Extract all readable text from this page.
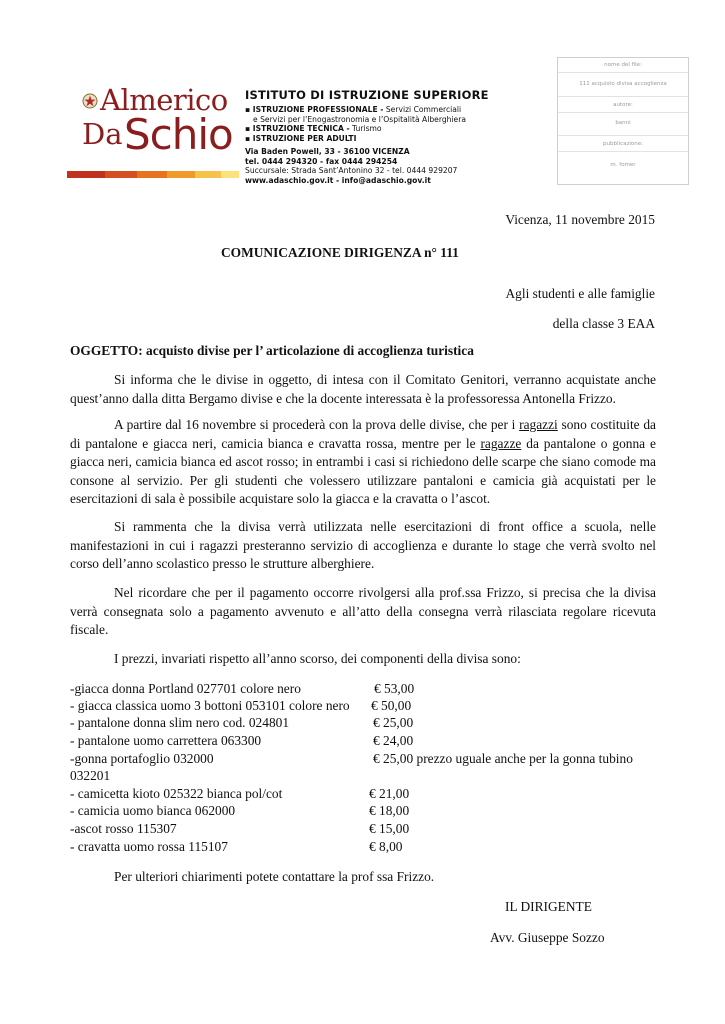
Almerico
Da Schio
ISTITUTO DI ISTRUZIONE SUPERIORE
▪ ISTRUZIONE PROFESSIONALE - Servizi Commerciali
e Servizi per l’Enogastronomia e l’Ospitalità Alberghiera
▪ ISTRUZIONE TECNICA - Turismo
▪ ISTRUZIONE PER ADULTI
Via Baden Powell, 33 - 36100 VICENZA
tel. 0444 294320 - fax 0444 294254
Succursale: Strada Sant’Antonino 32 - tel. 0444 929207
www.adaschio.gov.it - info@adaschio.gov.it
nome del file:
111 acquisto divisa accoglienza
autore:
banni
pubblicazione:
m. fomer
Vicenza, 11 novembre 2015
COMUNICAZIONE DIRIGENZA n° 111
Agli studenti e alle famiglie
della classe 3 EAA
OGGETTO: acquisto divise per l’ articolazione di accoglienza turistica

Si informa che le divise in oggetto, di intesa con il Comitato Genitori, verranno acquistate anche quest’anno dalla ditta Bergamo divise e che la docente interessata è la professoressa Antonella Frizzo.

A partire dal 16 novembre si procederà con la prova delle divise, che per i ragazzi sono costituite da di pantalone e giacca neri, camicia bianca e cravatta rossa, mentre per le ragazze da pantalone o gonna e giacca neri, camicia bianca ed ascot rosso; in entrambi i casi si richiedono delle scarpe che siano comode ma consone al servizio. Per gli studenti che volessero utilizzare pantaloni e camicia già acquistati per le esercitazioni di sala è possibile acquistare solo la giacca e la cravatta o l’ascot.

Si rammenta che la divisa verrà utilizzata nelle esercitazioni di front office a scuola, nelle manifestazioni in cui i ragazzi presteranno servizio di accoglienza e durante lo stage che verrà svolto nel corso dell’anno scolastico presso le strutture alberghiere.

Nel ricordare che per il pagamento occorre rivolgersi alla prof.ssa Frizzo, si precisa che la divisa verrà consegnata solo a pagamento avvenuto e all’atto della consegna verrà rilasciata regolare ricevuta fiscale.

I prezzi, invariati rispetto all’anno scorso, dei componenti della divisa sono:
-giacca donna Portland 027701 colore nero	€ 53,00
- giacca classica uomo 3 bottoni 053101 colore nero € 50,00
- pantalone donna slim nero cod. 024801	€ 25,00
- pantalone uomo carrettera 063300	€ 24,00
-gonna portafoglio 032000	€ 25,00 prezzo uguale anche per la gonna tubino
032201
- camicetta kioto 025322 bianca pol/cot	€ 21,00
- camicia uomo bianca 062000	€ 18,00
-ascot rosso 115307	€ 15,00
- cravatta uomo rossa 115107	€ 8,00
Per ulteriori chiarimenti potete contattare la prof ssa Frizzo.
IL DIRIGENTE
Avv. Giuseppe Sozzo
